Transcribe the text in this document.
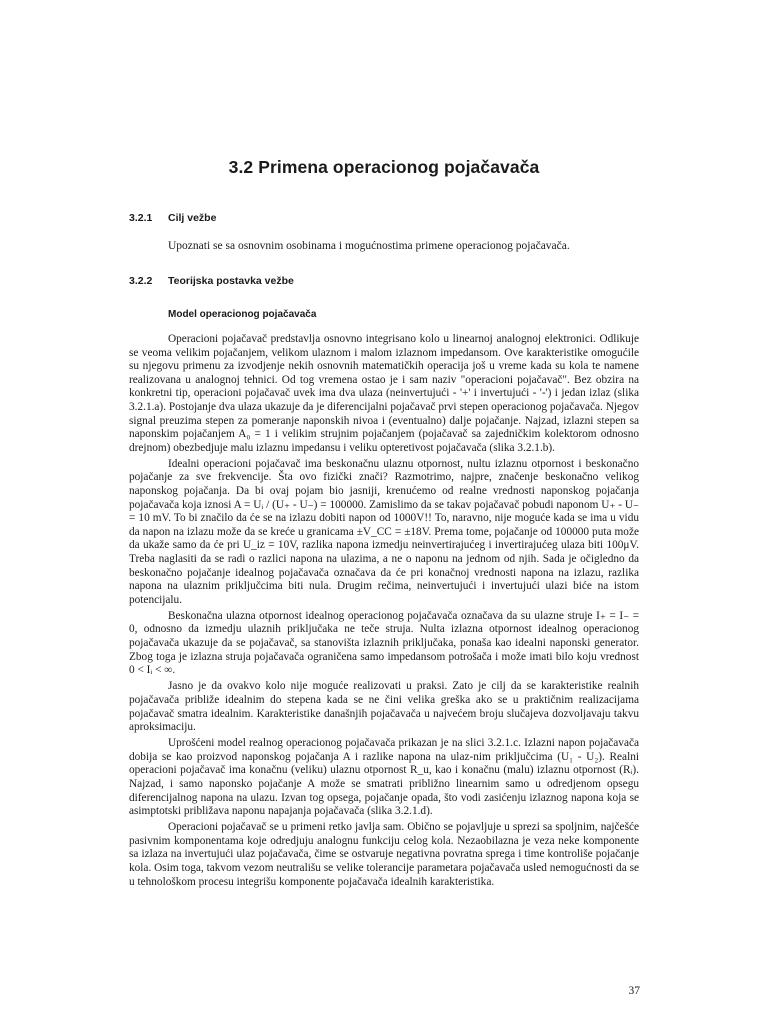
3.2 Primena operacionog pojačavača
3.2.1 Cilj vežbe
Upoznati se sa osnovnim osobinama i mogućnostima primene operacionog pojačavača.
3.2.2 Teorijska postavka vežbe
Model operacionog pojačavača

Operacioni pojačavač predstavlja osnovno integrisano kolo u linearnoj analognoj elektronici. Odlikuje se veoma velikim pojačanjem, velikom ulaznom i malom izlaznom impedansom. Ove karakteristike omogućile su njegovu primenu za izvodjenje nekih osnovnih matematičkih operacija još u vreme kada su kola te namene realizovana u analognoj tehnici. Od tog vremena ostao je i sam naziv "operacioni pojačavač". Bez obzira na konkretni tip, operacioni pojačavač uvek ima dva ulaza (neinvertujući - '+' i invertujući - '-') i jedan izlaz (slika 3.2.1.a). Postojanje dva ulaza ukazuje da je diferencijalni pojačavač prvi stepen operacionog pojačavača. Njegov signal preuzima stepen za pomeranje naponskih nivoa i (eventualno) dalje pojačanje. Najzad, izlazni stepen sa naponskim pojačanjem A₀ = 1 i velikim strujnim pojačanjem (pojačavač sa zajedničkim kolektorom odnosno drejnom) obezbedjuje malu izlaznu impedansu i veliku opteretivost pojačavača (slika 3.2.1.b).

Idealni operacioni pojačavač ima beskonačnu ulaznu otpornost, nultu izlaznu otpornost i beskonačno pojačanje za sve frekvencije. Šta ovo fizički znači? Razmotrimo, najpre, značenje beskonačno velikog naponskog pojačanja. Da bi ovaj pojam bio jasniji, krenućemo od realne vrednosti naponskog pojačanja pojačavača koja iznosi A = Uᵢ / (U₊ - U₋) = 100000. Zamislimo da se takav pojačavač pobudi naponom U₊ - U₋ = 10 mV. To bi značilo da će se na izlazu dobiti napon od 1000V!! To, naravno, nije moguće kada se ima u vidu da napon na izlazu može da se kreće u granicama ±V_CC = ±18V. Prema tome, pojačanje od 100000 puta može da ukaže samo da će pri U_iz = 10V, razlika napona izmedju neinvertirajućeg i invertirajućeg ulaza biti 100μV. Treba naglasiti da se radi o razlici napona na ulazima, a ne o naponu na jednom od njih. Sada je očigledno da beskonačno pojačanje idealnog pojačavača označava da će pri konačnoj vrednosti napona na izlazu, razlika napona na ulaznim priključcima biti nula. Drugim rečima, neinvertujući i invertujući ulazi biće na istom potencijalu.

Beskonačna ulazna otpornost idealnog operacionog pojačavača označava da su ulazne struje I₊ = I₋ = 0, odnosno da izmedju ulaznih priključaka ne teče struja. Nulta izlazna otpornost idealnog operacionog pojačavača ukazuje da se pojačavač, sa stanovišta izlaznih priključaka, ponaša kao idealni naponski generator. Zbog toga je izlazna struja pojačavača ograničena samo impedansom potrošača i može imati bilo koju vrednost 0 < Iᵢ < ∞.

Jasno je da ovakvo kolo nije moguće realizovati u praksi. Zato je cilj da se karakteristike realnih pojačavača približe idealnim do stepena kada se ne čini velika greška ako se u praktičnim realizacijama pojačavač smatra idealnim. Karakteristike današnjih pojačavača u najvećem broju slučajeva dozvoljavaju takvu aproksimaciju.

Uprošćeni model realnog operacionog pojačavača prikazan je na slici 3.2.1.c. Izlazni napon pojačavača dobija se kao proizvod naponskog pojačanja A i razlike napona na ulaz-nim priključcima (U₁ - U₂). Realni operacioni pojačavač ima konačnu (veliku) ulaznu otpornost R_u, kao i konačnu (malu) izlaznu otpornost (Rᵢ). Najzad, i samo naponsko pojačanje A može se smatrati približno linearnim samo u odredjenom opsegu diferencijalnog napona na ulazu. Izvan tog opsega, pojačanje opada, što vodi zasićenju izlaznog napona koja se asimptotski približava naponu napajanja pojačavača (slika 3.2.1.d).

Operacioni pojačavač se u primeni retko javlja sam. Obično se pojavljuje u sprezi sa spoljnim, najčešće pasivnim komponentama koje odredjuju analognu funkciju celog kola. Nezaobilazna je veza neke komponente sa izlaza na invertujući ulaz pojačavača, čime se ostvaruje negativna povratna sprega i time kontroliše pojačanje kola. Osim toga, takvom vezom neutrališu se velike tolerancije parametara pojačavača usled nemogućnosti da se u tehnološkom procesu integrišu komponente pojačavača idealnih karakteristika.

37
